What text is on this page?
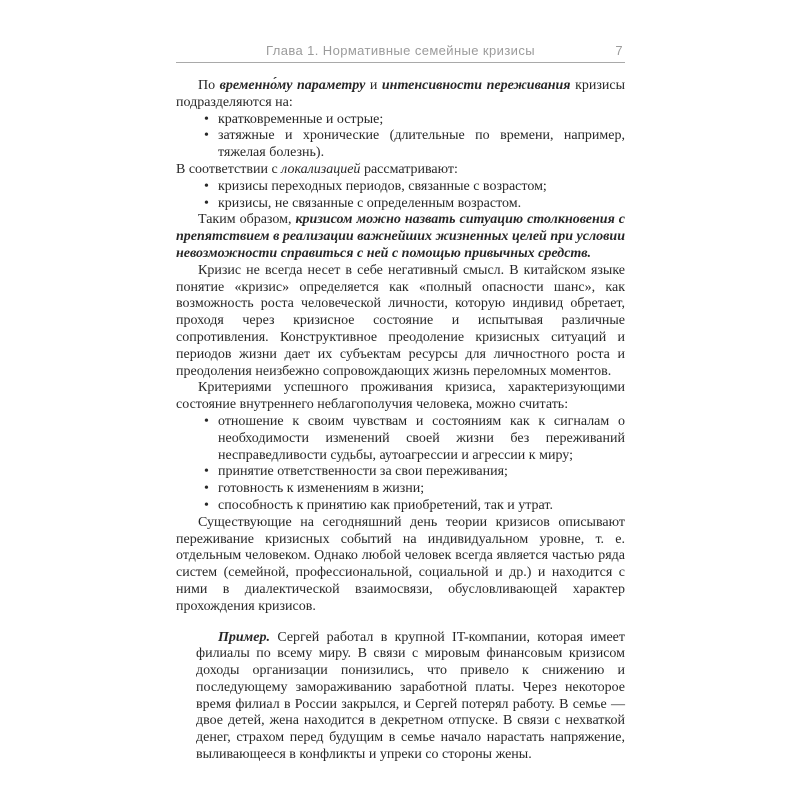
Глава 1. Нормативные семейные кризисы	7

По временно́му параметру и интенсивности переживания кризисы подразделяются на:

• кратковременные и острые;
• затяжные и хронические (длительные по времени, например, тяжелая болезнь).

В соответствии с локализацией рассматривают:

• кризисы переходных периодов, связанные с возрастом;
• кризисы, не связанные с определенным возрастом.

Таким образом, кризисом можно назвать ситуацию столкновения с препятствием в реализации важнейших жизненных целей при условии невозможности справиться с ней с помощью привычных средств.

Кризис не всегда несет в себе негативный смысл. В китайском языке понятие «кризис» определяется как «полный опасности шанс», как возможность роста человеческой личности, которую индивид обретает, проходя через кризисное состояние и испытывая различные сопротивления. Конструктивное преодоление кризисных ситуаций и периодов жизни дает их субъектам ресурсы для личностного роста и преодоления неизбежно сопровождающих жизнь переломных моментов.

Критериями успешного проживания кризиса, характеризующими состояние внутреннего неблагополучия человека, можно считать:

• отношение к своим чувствам и состояниям как к сигналам о необходимости изменений своей жизни без переживаний несправедливости судьбы, аутоагрессии и агрессии к миру;
• принятие ответственности за свои переживания;
• готовность к изменениям в жизни;
• способность к принятию как приобретений, так и утрат.

Существующие на сегодняшний день теории кризисов описывают переживание кризисных событий на индивидуальном уровне, т. е. отдельным человеком. Однако любой человек всегда является частью ряда систем (семейной, профессиональной, социальной и др.) и находится с ними в диалектической взаимосвязи, обусловливающей характер прохождения кризисов.

Пример. Сергей работал в крупной IT-компании, которая имеет филиалы по всему миру. В связи с мировым финансовым кризисом доходы организации понизились, что привело к снижению и последующему замораживанию заработной платы. Через некоторое время филиал в России закрылся, и Сергей потерял работу. В семье — двое детей, жена находится в декретном отпуске. В связи с нехваткой денег, страхом перед будущим в семье начало нарастать напряжение, выливающееся в конфликты и упреки со стороны жены.
